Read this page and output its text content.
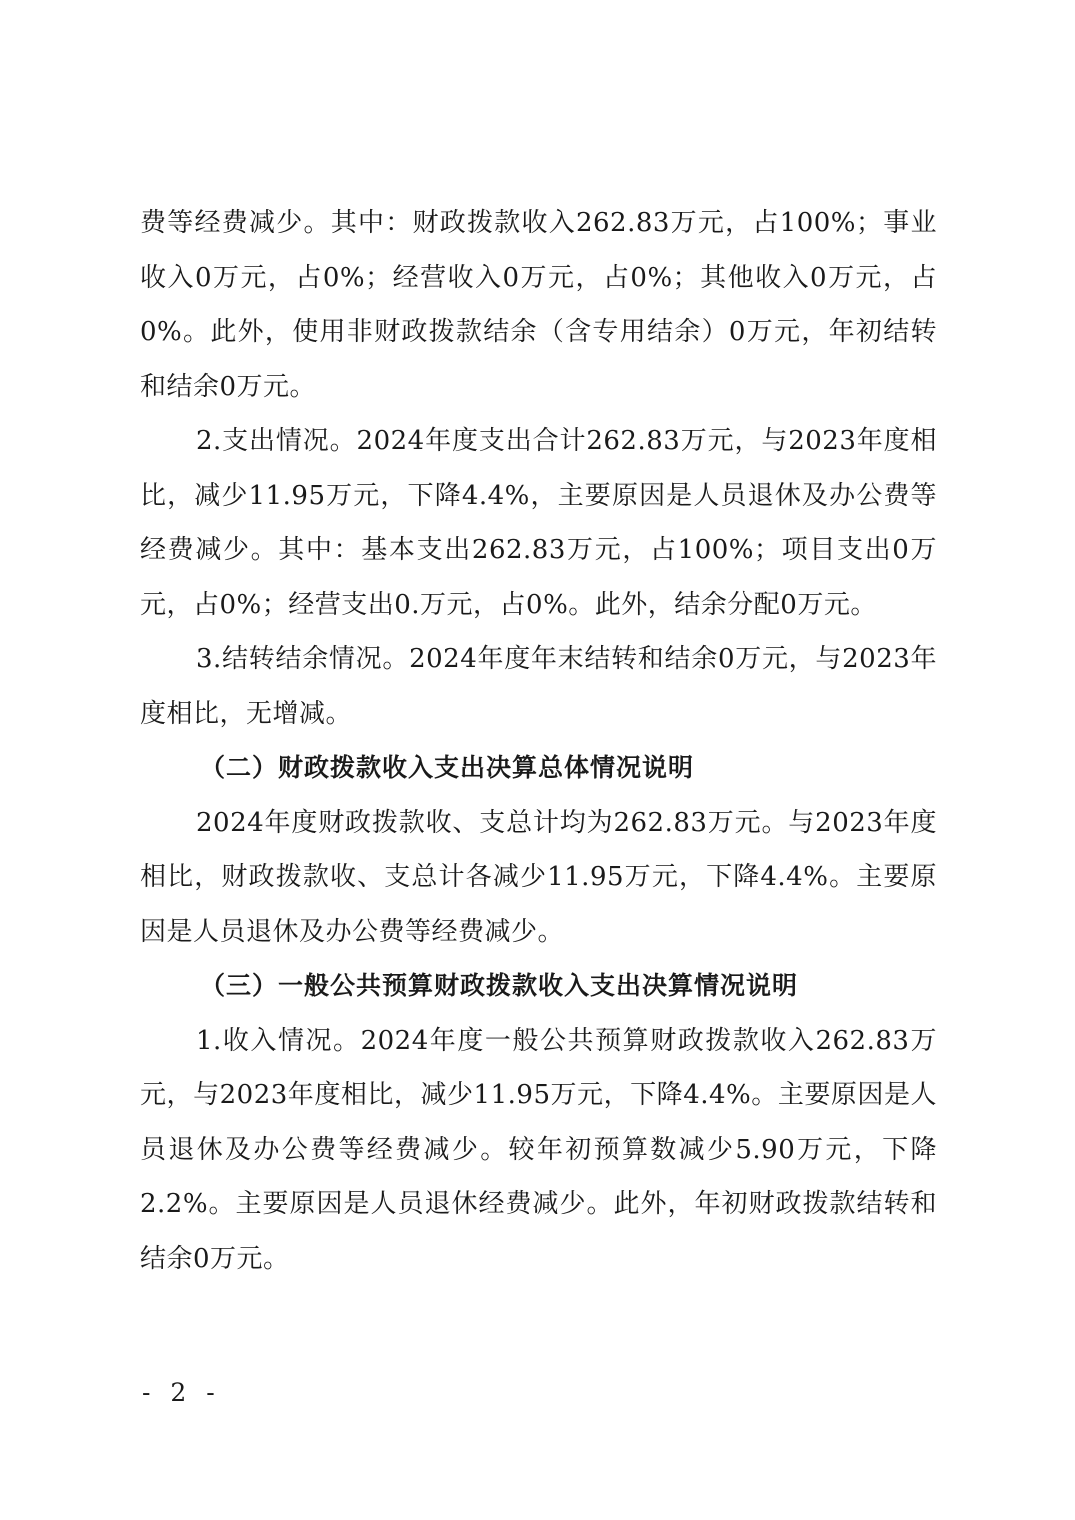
费等经费减少。其中：财政拨款收入262.83万元，占100%；事业收入0万元，占0%；经营收入0万元，占0%；其他收入0万元，占0%。此外，使用非财政拨款结余（含专用结余）0万元，年初结转和结余0万元。

2.支出情况。2024年度支出合计262.83万元，与2023年度相比，减少11.95万元，下降4.4%，主要原因是人员退休及办公费等经费减少。其中：基本支出262.83万元，占100%；项目支出0万元，占0%；经营支出0.万元，占0%。此外，结余分配0万元。

3.结转结余情况。2024年度年末结转和结余0万元，与2023年度相比，无增减。

（二）财政拨款收入支出决算总体情况说明

2024年度财政拨款收、支总计均为262.83万元。与2023年度相比，财政拨款收、支总计各减少11.95万元，下降4.4%。主要原因是人员退休及办公费等经费减少。

（三）一般公共预算财政拨款收入支出决算情况说明

1.收入情况。2024年度一般公共预算财政拨款收入262.83万元，与2023年度相比，减少11.95万元，下降4.4%。主要原因是人员退休及办公费等经费减少。较年初预算数减少5.90万元，下降2.2%。主要原因是人员退休经费减少。此外，年初财政拨款结转和结余0万元。

- 2 -
